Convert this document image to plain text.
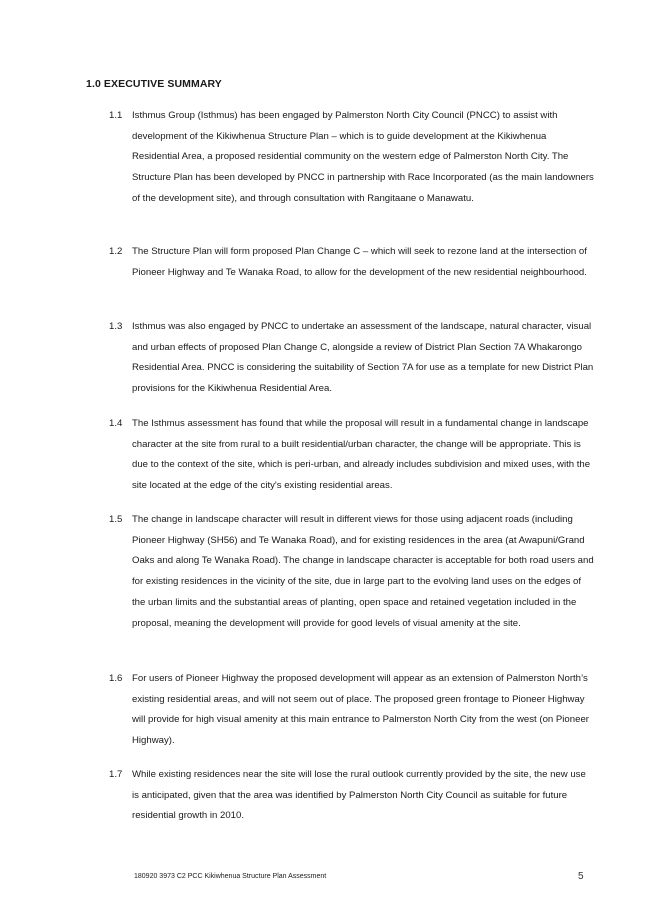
1.0 EXECUTIVE SUMMARY
1.1	Isthmus Group (Isthmus) has been engaged by Palmerston North City Council (PNCC) to assist with development of the Kikiwhenua Structure Plan – which is to guide development at the Kikiwhenua Residential Area, a proposed residential community on the western edge of Palmerston North City. The Structure Plan has been developed by PNCC in partnership with Race Incorporated (as the main landowners of the development site), and through consultation with Rangitaane o Manawatu.
1.2	The Structure Plan will form proposed Plan Change C – which will seek to rezone land at the intersection of Pioneer Highway and Te Wanaka Road, to allow for the development of the new residential neighbourhood.
1.3	Isthmus was also engaged by PNCC to undertake an assessment of the landscape, natural character, visual and urban effects of proposed Plan Change C, alongside a review of District Plan Section 7A Whakarongo Residential Area. PNCC is considering the suitability of Section 7A for use as a template for new District Plan provisions for the Kikiwhenua Residential Area.
1.4	The Isthmus assessment has found that while the proposal will result in a fundamental change in landscape character at the site from rural to a built residential/urban character, the change will be appropriate. This is due to the context of the site, which is peri-urban, and already includes subdivision and mixed uses, with the site located at the edge of the city's existing residential areas.
1.5	The change in landscape character will result in different views for those using adjacent roads (including Pioneer Highway (SH56) and Te Wanaka Road), and for existing residences in the area (at Awapuni/Grand Oaks and along Te Wanaka Road). The change in landscape character is acceptable for both road users and for existing residences in the vicinity of the site, due in large part to the evolving land uses on the edges of the urban limits and the substantial areas of planting, open space and retained vegetation included in the proposal, meaning the development will provide for good levels of visual amenity at the site.
1.6	For users of Pioneer Highway the proposed development will appear as an extension of Palmerston North’s existing residential areas, and will not seem out of place. The proposed green frontage to Pioneer Highway will provide for high visual amenity at this main entrance to Palmerston North City from the west (on Pioneer Highway).
1.7	While existing residences near the site will lose the rural outlook currently provided by the site, the new use is anticipated, given that the area was identified by Palmerston North City Council as suitable for future residential growth in 2010.
180920 3973 C2 PCC Kikiwhenua Structure Plan Assessment	5
